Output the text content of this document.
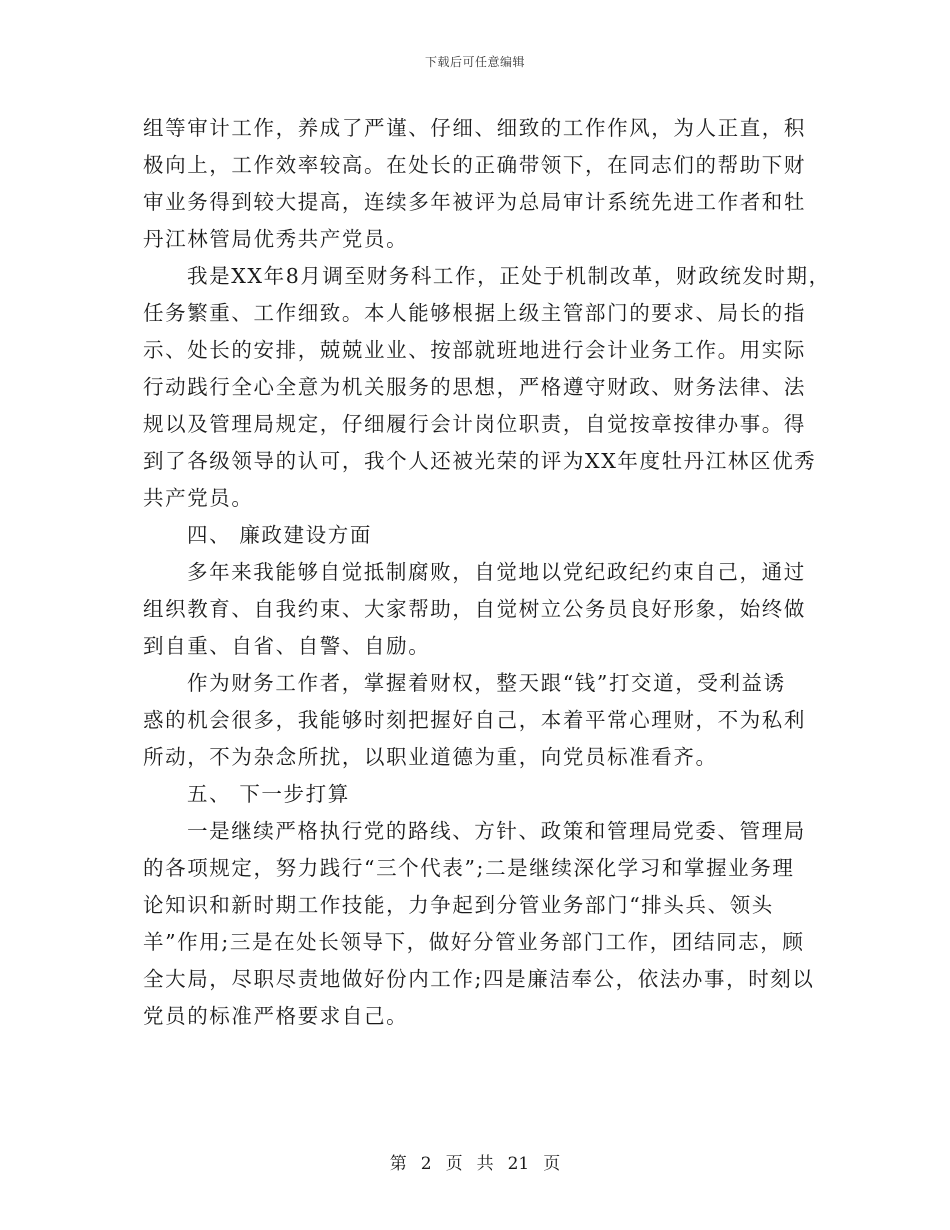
下载后可任意编辑
组等审计工作，养成了严谨、仔细、细致的工作作风，为人正直，积
极向上，工作效率较高。在处长的正确带领下，在同志们的帮助下财
审业务得到较大提高，连续多年被评为总局审计系统先进工作者和牡
丹江林管局优秀共产党员。
我是XX年8月调至财务科工作，正处于机制改革，财政统发时期，
任务繁重、工作细致。本人能够根据上级主管部门的要求、局长的指
示、处长的安排，兢兢业业、按部就班地进行会计业务工作。用实际
行动践行全心全意为机关服务的思想，严格遵守财政、财务法律、法
规以及管理局规定，仔细履行会计岗位职责，自觉按章按律办事。得
到了各级领导的认可，我个人还被光荣的评为XX年度牡丹江林区优秀
共产党员。
四、 廉政建设方面
多年来我能够自觉抵制腐败，自觉地以党纪政纪约束自己，通过
组织教育、自我约束、大家帮助，自觉树立公务员良好形象，始终做
到自重、自省、自警、自励。
作为财务工作者，掌握着财权，整天跟“钱”打交道，受利益诱
惑的机会很多，我能够时刻把握好自己，本着平常心理财，不为私利
所动，不为杂念所扰，以职业道德为重，向党员标准看齐。
五、 下一步打算
一是继续严格执行党的路线、方针、政策和管理局党委、管理局
的各项规定，努力践行“三个代表”;二是继续深化学习和掌握业务理
论知识和新时期工作技能，力争起到分管业务部门“排头兵、领头
羊”作用;三是在处长领导下，做好分管业务部门工作，团结同志，顾
全大局，尽职尽责地做好份内工作;四是廉洁奉公，依法办事，时刻以
党员的标准严格要求自己。
第 2 页 共 21 页
